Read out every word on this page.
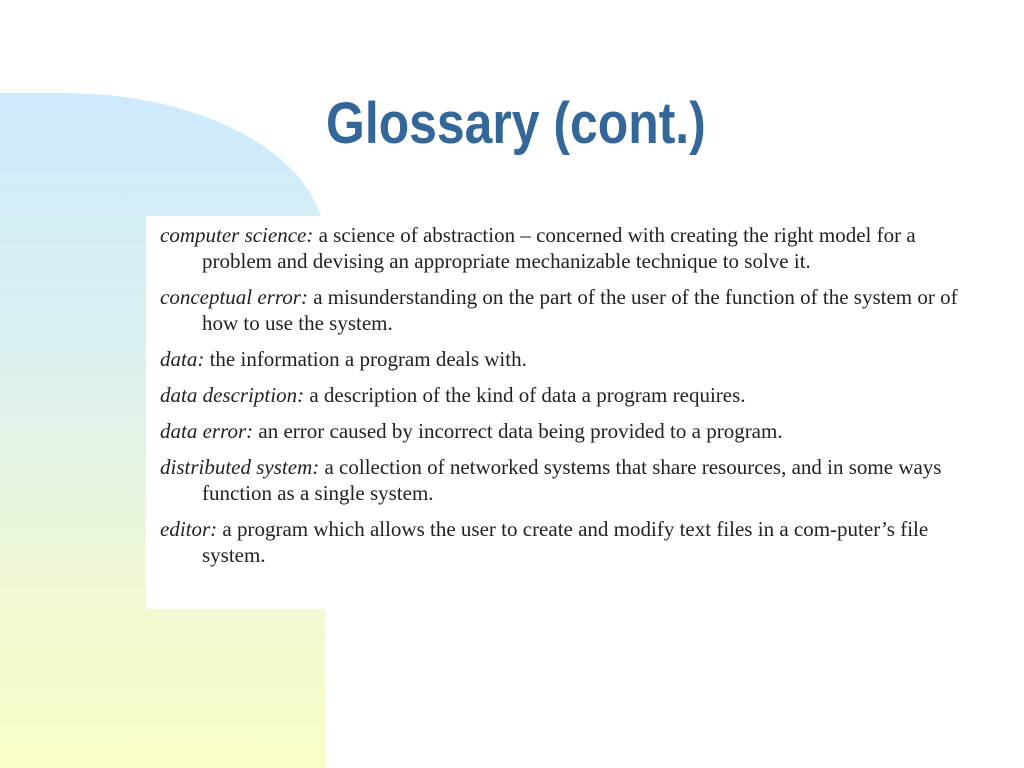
Glossary (cont.)

computer science: a science of abstraction – concerned with creating the right model for a problem and devising an appropriate mechanizable technique to solve it.

conceptual error: a misunderstanding on the part of the user of the function of the system or of how to use the system.

data: the information a program deals with.

data description: a description of the kind of data a program requires.

data error: an error caused by incorrect data being provided to a program.

distributed system: a collection of networked systems that share resources, and in some ways function as a single system.

editor: a program which allows the user to create and modify text files in a com-puter’s file system.
